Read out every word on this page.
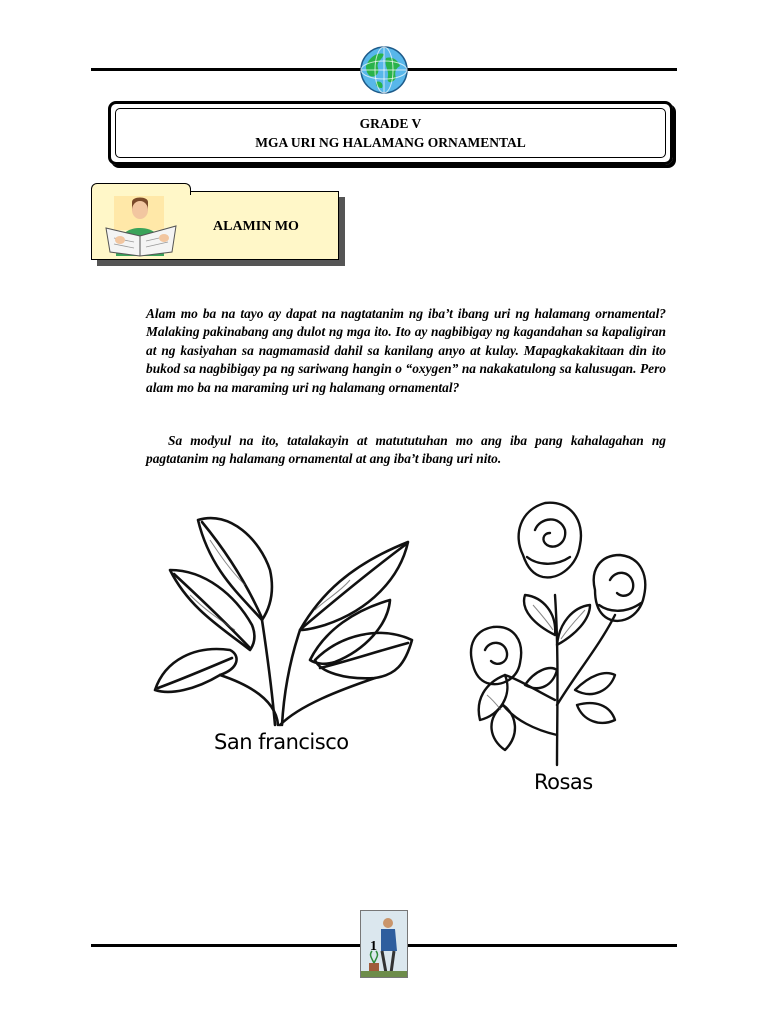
GRADE V
MGA URI NG HALAMANG ORNAMENTAL
ALAMIN MO

Alam mo ba na tayo ay dapat na nagtatanim ng iba’t ibang uri ng halamang ornamental? Malaking pakinabang ang dulot ng mga ito. Ito ay nagbibigay ng kagandahan sa kapaligiran at ng kasiyahan sa nagmamasid dahil sa kanilang anyo at kulay. Mapagkakakitaan din ito bukod sa nagbibigay pa ng sariwang hangin o “oxygen” na nakakatulong sa kalusugan. Pero alam mo ba na maraming uri ng halamang ornamental?

Sa modyul na ito, tatalakayin at matututuhan mo ang iba pang kahalagahan ng pagtatanim ng halamang ornamental at ang iba’t ibang uri nito.

San francisco
Rosas
1
